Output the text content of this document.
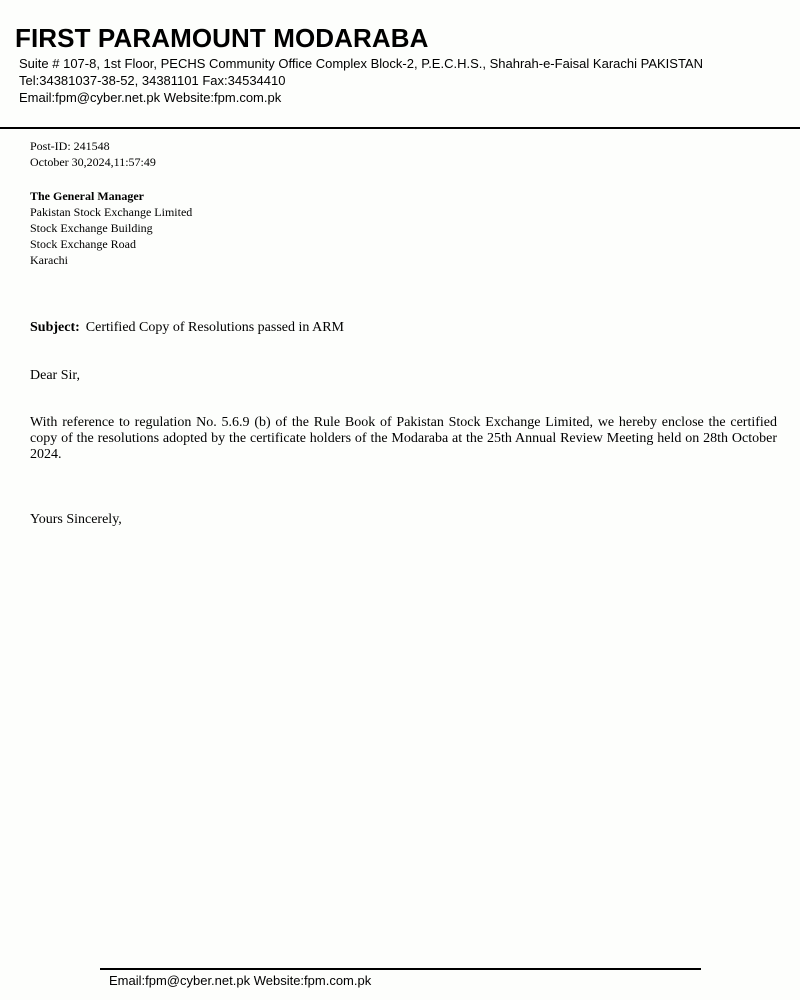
FIRST PARAMOUNT MODARABA
Suite # 107-8, 1st Floor, PECHS Community Office Complex Block-2, P.E.C.H.S., Shahrah-e-Faisal Karachi PAKISTAN
Tel:34381037-38-52, 34381101 Fax:34534410
Email:fpm@cyber.net.pk Website:fpm.com.pk
Post-ID: 241548
October 30,2024,11:57:49
The General Manager
Pakistan Stock Exchange Limited
Stock Exchange Building
Stock Exchange Road
Karachi
Subject: Certified Copy of Resolutions passed in ARM
Dear Sir,
With reference to regulation No. 5.6.9 (b) of the Rule Book of Pakistan Stock Exchange Limited, we hereby enclose the certified copy of the resolutions adopted by the certificate holders of the Modaraba at the 25th Annual Review Meeting held on 28th October 2024.
Yours Sincerely,
Email:fpm@cyber.net.pk Website:fpm.com.pk
